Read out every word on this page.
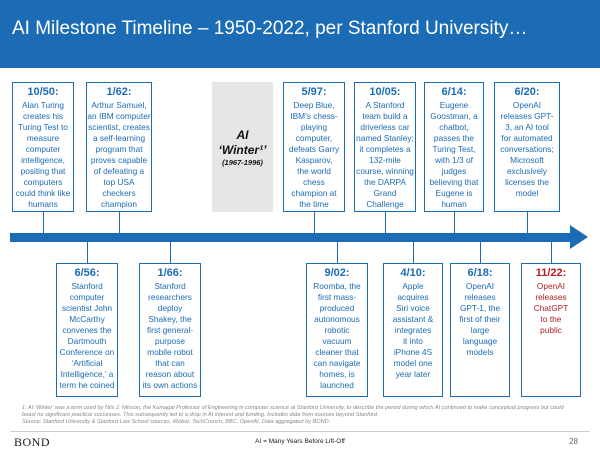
AI Milestone Timeline – 1950-2022, per Stanford University…
10/50:
Alan Turing
creates his
Turing Test to
measure
computer
intelligence,
positing that
computers
could think like
humans
1/62:
Arthur Samuel,
an IBM computer
scientist, creates
a self-learning
program that
proves capable
of defeating a
top USA
checkers
champion
AI
‘Winter¹’
(1967-1996)
5/97:
Deep Blue,
IBM’s chess-
playing
computer,
defeats Garry
Kasparov,
the world
chess
champion at
the time
10/05:
A Stanford
team build a
driverless car
named Stanley;
it completes a
132-mile
course, winning
the DARPA
Grand
Challenge
6/14:
Eugene
Goostman, a
chatbot,
passes the
Turing Test,
with 1/3 of
judges
believing that
Eugene is
human
6/20:
OpenAI
releases GPT-
3, an AI tool
for automated
conversations;
Microsoft
exclusively
licenses the
model
6/56:
Stanford
computer
scientist John
McCarthy
convenes the
Dartmouth
Conference on
‘Artificial
Intelligence,’ a
term he coined
1/66:
Stanford
researchers
deploy
Shakey, the
first general-
purpose
mobile robot
that can
reason about
its own actions
9/02:
Roomba, the
first mass-
produced
autonomous
robotic
vacuum
cleaner that
can navigate
homes, is
launched
4/10:
Apple
acquires
Siri voice
assistant &
integrates
it into
iPhone 4S
model one
year later
6/18:
OpenAI
releases
GPT-1, the
first of their
large
language
models
11/22:
OpenAI
releases
ChatGPT
to the
public
1: AI ‘Winter’ was a term used by Nils J. Nilsson, the Kumagai Professor of Engineering in computer science at Stanford University, to describe the period during which AI continued to make conceptual progress but could boast no significant practical successes. This subsequently led to a drop in AI interest and funding. Includes data from sources beyond Stanford.
Source: Stanford University & Stanford Law School sources, iRobot, TechCrunch, BBC, OpenAI. Data aggregated by BOND.
BOND	AI = Many Years Before Lift-Off	28
